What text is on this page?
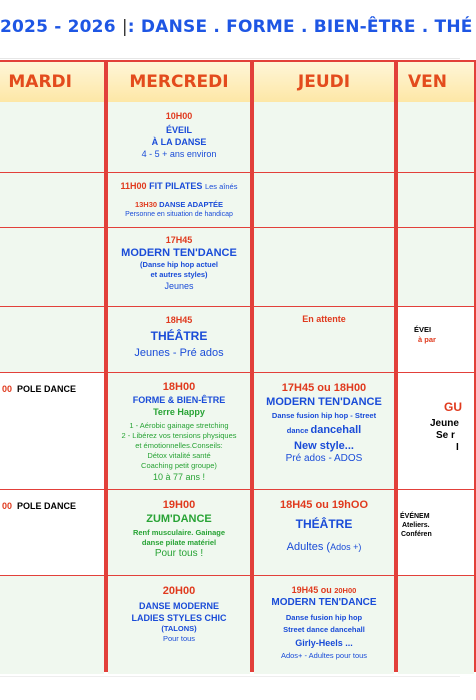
2025 - 2026 |: DANSE . FORME . BIEN-ÊTRE . THÉ
MARDI
00 POLE DANCE
00 POLE DANCE
MERCREDI
10H00
ÉVEIL
À LA DANSE
4 - 5 + ans environ
11H00 FIT PILATES Les aînés
13H30 DANSE ADAPTÉE
Personne en situation de handicap
17H45
MODERN TEN'DANCE
(Danse hip hop actuel
et autres styles)
Jeunes
18H45
THÉÂTRE
Jeunes - Pré ados
18H00
FORME & BIEN-ÊTRE
Terre Happy
1 - Aérobic gainage stretching
2 - Libérez vos tensions physiques
et émotionnelles.Conseils:
Détox vitalité santé
Coaching petit groupe)
10 à 77 ans !
19H00
ZUM'DANCE
Renf musculaire. Gainage
danse pilate matériel
Pour tous !
20H00
DANSE MODERNE
LADIES STYLES CHIC
(TALONS)
Pour tous
JEUDI
En attente
17H45 ou 18H00
MODERN TEN'DANCE
Danse fusion hip hop - Street
dance dancehall
New style...
Pré ados - ADOS
18H45 ou 19hOO
THÉÂTRE
Adultes (Ados +)
19H45 ou 20H00
MODERN TEN'DANCE
Danse fusion hip hop
Street dance dancehall
Girly-Heels ...
Ados+ - Adultes pour tous
VEN
ÉVEI
à par
GU
Jeune
Se r
I
ÉVÉNEM
Ateliers.
Conféren
